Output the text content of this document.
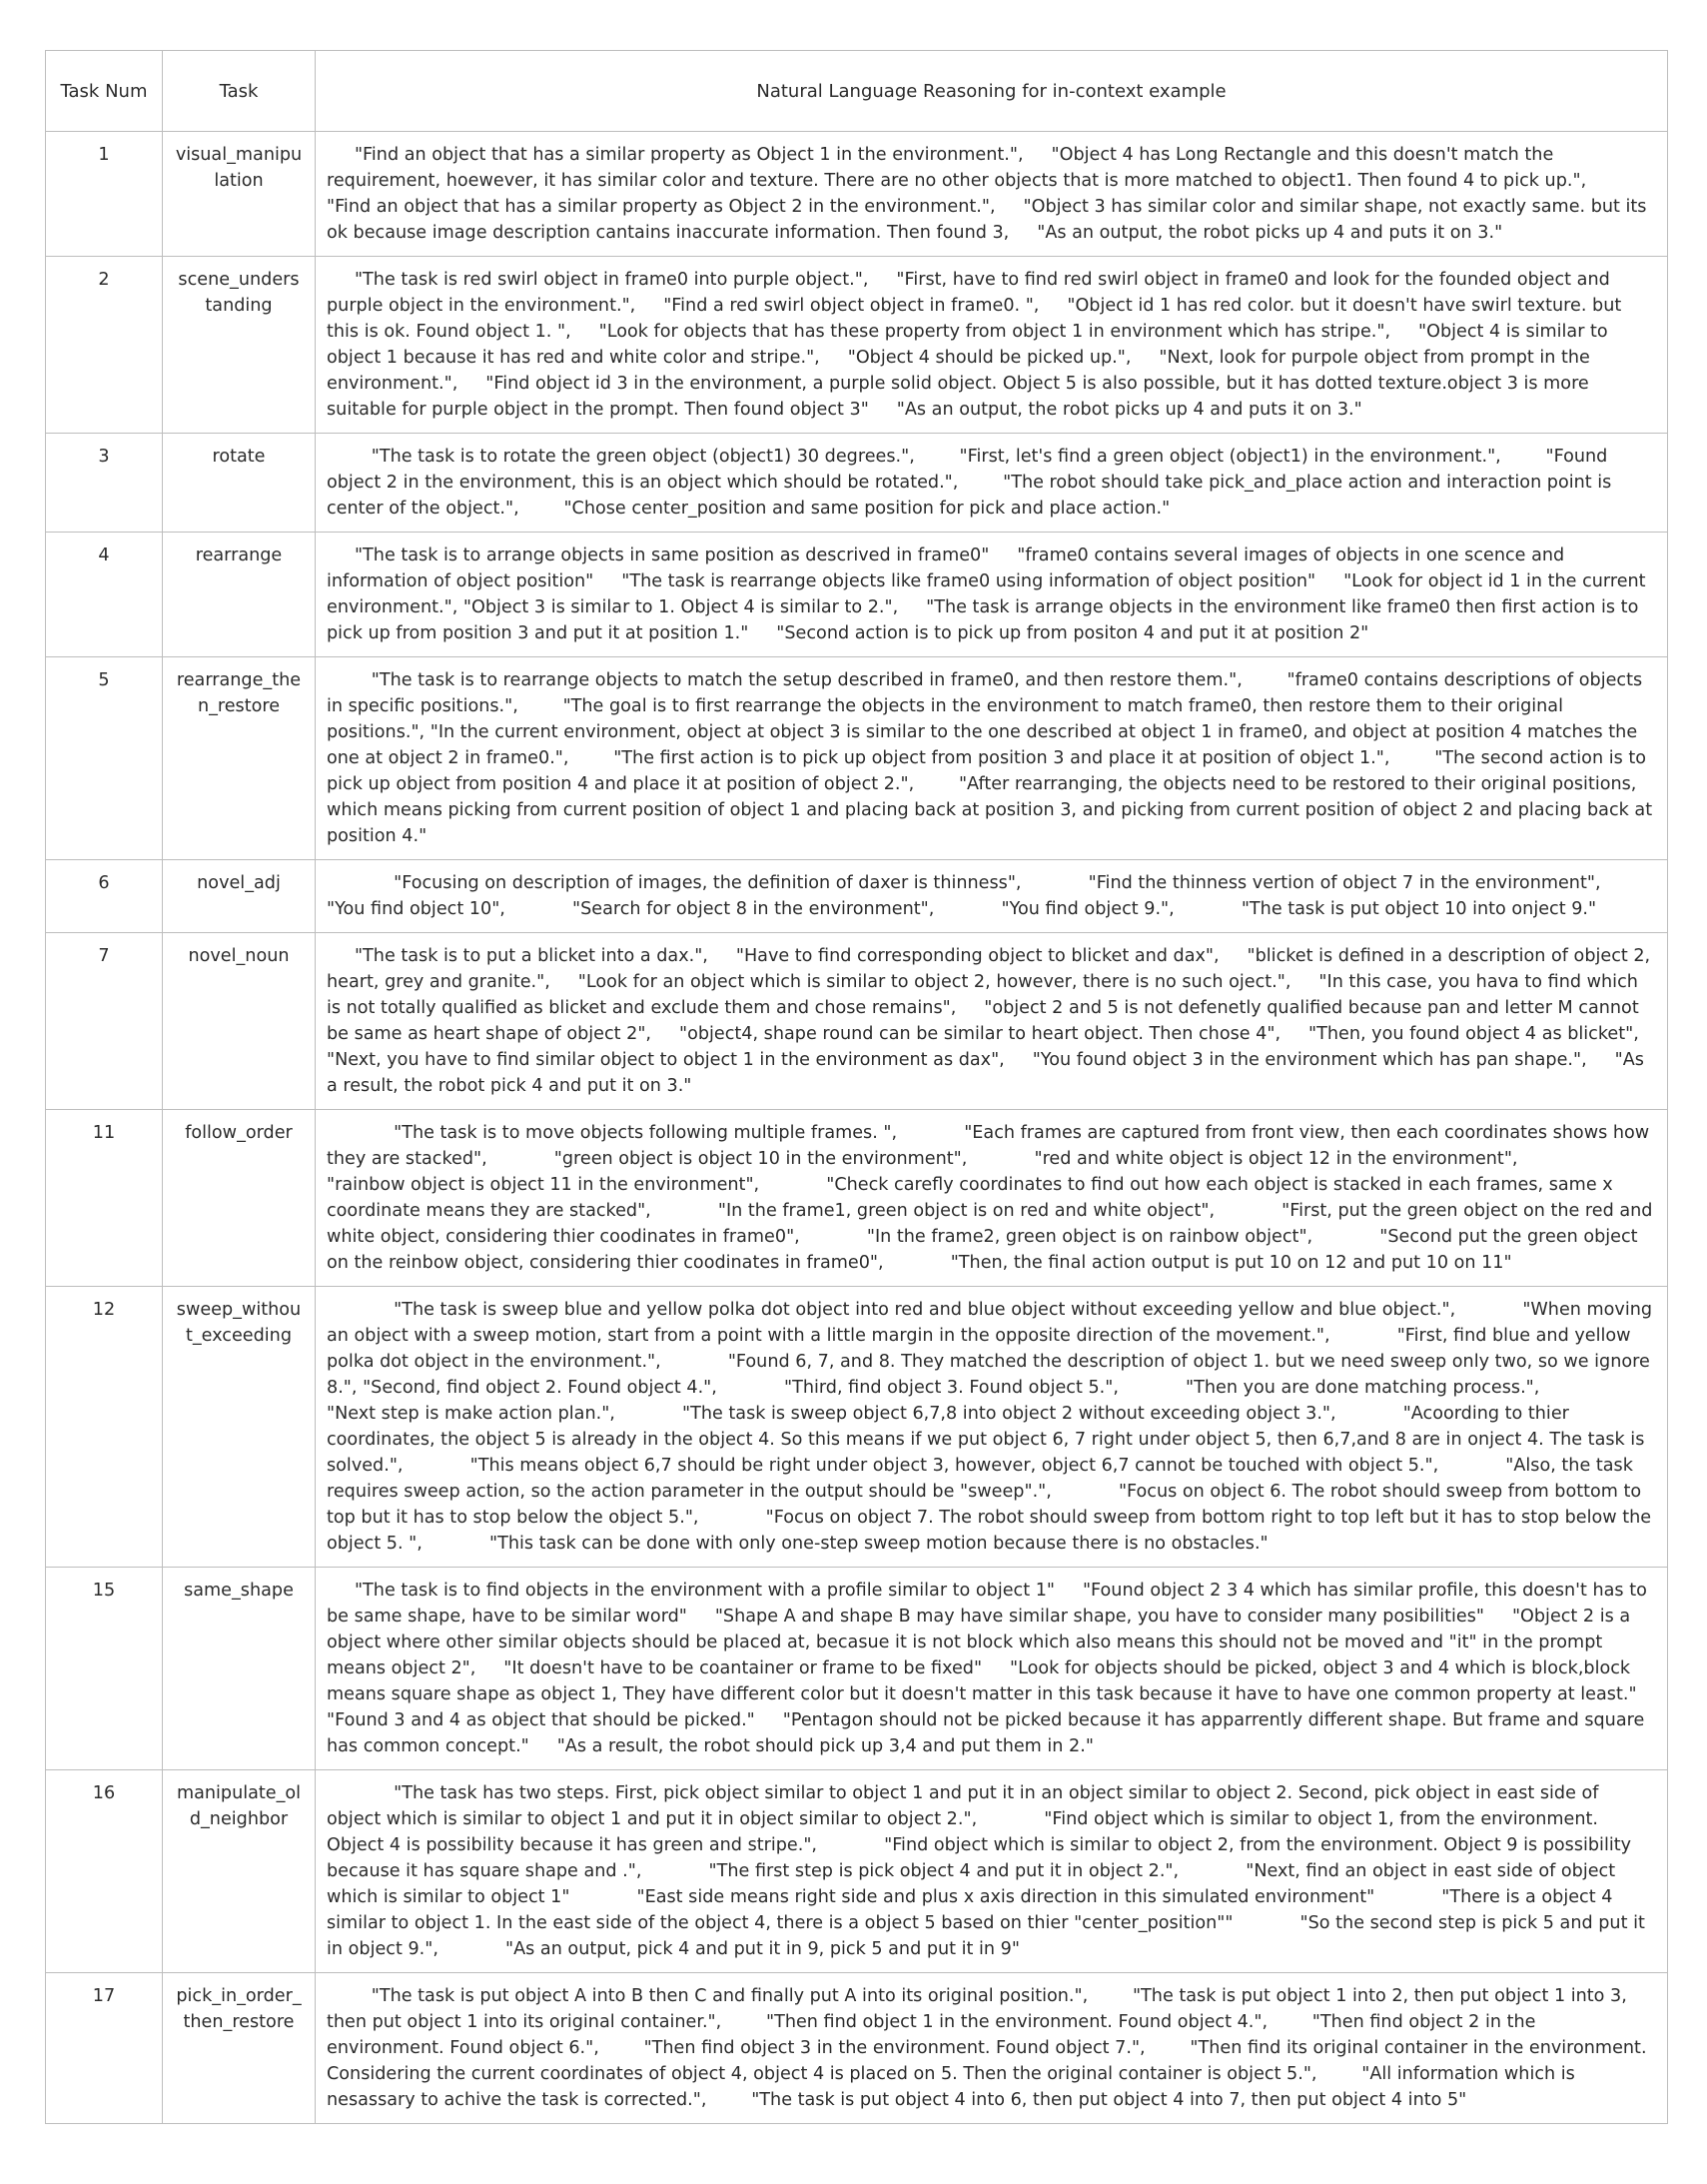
Task Num	Task	Natural Language Reasoning for in-context example
1	visual_manipulation	"Find an object that has a similar property as Object 1 in the environment.",     "Object 4 has Long Rectangle and this doesn't match the requirement, hoewever, it has similar color and texture. There are no other objects that is more matched to object1. Then found 4 to pick up.",     "Find an object that has a similar property as Object 2 in the environment.",     "Object 3 has similar color and similar shape, not exactly same. but its ok because image description cantains inaccurate information. Then found 3,     "As an output, the robot picks up 4 and puts it on 3."
2	scene_understanding	"The task is red swirl object in frame0 into purple object.",     "First, have to find red swirl object in frame0 and look for the founded object and purple object in the environment.",     "Find a red swirl object object in frame0. ",     "Object id 1 has red color. but it doesn't have swirl texture. but this is ok. Found object 1. ",     "Look for objects that has these property from object 1 in environment which has stripe.",     "Object 4 is similar to object 1 because it has red and white color and stripe.",     "Object 4 should be picked up.",     "Next, look for purpole object from prompt in the environment.",     "Find object id 3 in the environment, a purple solid object. Object 5 is also possible, but it has dotted texture.object 3 is more suitable for purple object in the prompt. Then found object 3"     "As an output, the robot picks up 4 and puts it on 3."
3	rotate	"The task is to rotate the green object (object1) 30 degrees.",        "First, let's find a green object (object1) in the environment.",        "Found object 2 in the environment, this is an object which should be rotated.",        "The robot should take pick_and_place action and interaction point is center of the object.",        "Chose center_position and same position for pick and place action."
4	rearrange	"The task is to arrange objects in same position as descrived in frame0"     "frame0 contains several images of objects in one scence and information of object position"     "The task is rearrange objects like frame0 using information of object position"     "Look for object id 1 in the current environment.", "Object 3 is similar to 1. Object 4 is similar to 2.",     "The task is arrange objects in the environment like frame0 then first action is to pick up from position 3 and put it at position 1."     "Second action is to pick up from positon 4 and put it at position 2"
5	rearrange_then_restore	"The task is to rearrange objects to match the setup described in frame0, and then restore them.",        "frame0 contains descriptions of objects in specific positions.",        "The goal is to first rearrange the objects in the environment to match frame0, then restore them to their original positions.", "In the current environment, object at object 3 is similar to the one described at object 1 in frame0, and object at position 4 matches the one at object 2 in frame0.",        "The first action is to pick up object from position 3 and place it at position of object 1.",        "The second action is to pick up object from position 4 and place it at position of object 2.",        "After rearranging, the objects need to be restored to their original positions, which means picking from current position of object 1 and placing back at position 3, and picking from current position of object 2 and placing back at position 4."
6	novel_adj	"Focusing on description of images, the definition of daxer is thinness",            "Find the thinness vertion of object 7 in the environment",            "You find object 10",            "Search for object 8 in the environment",            "You find object 9.",            "The task is put object 10 into onject 9."
7	novel_noun	"The task is to put a blicket into a dax.",     "Have to find corresponding object to blicket and dax",     "blicket is defined in a description of object 2, heart, grey and granite.",     "Look for an object which is similar to object 2, however, there is no such oject.",     "In this case, you hava to find which is not totally qualified as blicket and exclude them and chose remains",     "object 2 and 5 is not defenetly qualified because pan and letter M cannot be same as heart shape of object 2",     "object4, shape round can be similar to heart object. Then chose 4",     "Then, you found object 4 as blicket",     "Next, you have to find similar object to object 1 in the environment as dax",     "You found object 3 in the environment which has pan shape.",     "As a result, the robot pick 4 and put it on 3."
11	follow_order	"The task is to move objects following multiple frames. ",            "Each frames are captured from front view, then each coordinates shows how they are stacked",            "green object is object 10 in the environment",            "red and white object is object 12 in the environment",            "rainbow object is object 11 in the environment",            "Check carefly coordinates to find out how each object is stacked in each frames, same x coordinate means they are stacked",            "In the frame1, green object is on red and white object",            "First, put the green object on the red and white object, considering thier coodinates in frame0",            "In the frame2, green object is on rainbow object",            "Second put the green object on the reinbow object, considering thier coodinates in frame0",            "Then, the final action output is put 10 on 12 and put 10 on 11"
12	sweep_without_exceeding	"The task is sweep blue and yellow polka dot object into red and blue object without exceeding yellow and blue object.",            "When moving an object with a sweep motion, start from a point with a little margin in the opposite direction of the movement.",            "First, find blue and yellow polka dot object in the environment.",            "Found 6, 7, and 8. They matched the description of object 1. but we need sweep only two, so we ignore 8.", "Second, find object 2. Found object 4.",            "Third, find object 3. Found object 5.",            "Then you are done matching process.",            "Next step is make action plan.",            "The task is sweep object 6,7,8 into object 2 without exceeding object 3.",            "Acoording to thier coordinates, the object 5 is already in the object 4. So this means if we put object 6, 7 right under object 5, then 6,7,and 8 are in onject 4. The task is solved.",            "This means object 6,7 should be right under object 3, however, object 6,7 cannot be touched with object 5.",            "Also, the task requires sweep action, so the action parameter in the output should be "sweep".",            "Focus on object 6. The robot should sweep from bottom to top but it has to stop below the object 5.",            "Focus on object 7. The robot should sweep from bottom right to top left but it has to stop below the object 5. ",            "This task can be done with only one-step sweep motion because there is no obstacles."
15	same_shape	"The task is to find objects in the environment with a profile similar to object 1"     "Found object 2 3 4 which has similar profile, this doesn't has to be same shape, have to be similar word"     "Shape A and shape B may have similar shape, you have to consider many posibilities"     "Object 2 is a object where other similar objects should be placed at, becasue it is not block which also means this should not be moved and "it" in the prompt means object 2",     "It doesn't have to be coantainer or frame to be fixed"     "Look for objects should be picked, object 3 and 4 which is block,block means square shape as object 1, They have different color but it doesn't matter in this task because it have to have one common property at least."     "Found 3 and 4 as object that should be picked."     "Pentagon should not be picked because it has apparrently different shape. But frame and square has common concept."     "As a result, the robot should pick up 3,4 and put them in 2."
16	manipulate_old_neighbor	"The task has two steps. First, pick object similar to object 1 and put it in an object similar to object 2. Second, pick object in east side of object which is similar to object 1 and put it in object similar to object 2.",            "Find object which is similar to object 1, from the environment. Object 4 is possibility because it has green and stripe.",            "Find object which is similar to object 2, from the environment. Object 9 is possibility because it has square shape and .",            "The first step is pick object 4 and put it in object 2.",            "Next, find an object in east side of object which is similar to object 1"            "East side means right side and plus x axis direction in this simulated environment"            "There is a object 4 similar to object 1. In the east side of the object 4, there is a object 5 based on thier "center_position""            "So the second step is pick 5 and put it in object 9.",            "As an output, pick 4 and put it in 9, pick 5 and put it in 9"
17	pick_in_order_then_restore	"The task is put object A into B then C and finally put A into its original position.",        "The task is put object 1 into 2, then put object 1 into 3, then put object 1 into its original container.",        "Then find object 1 in the environment. Found object 4.",        "Then find object 2 in the environment. Found object 6.",        "Then find object 3 in the environment. Found object 7.",        "Then find its original container in the environment. Considering the current coordinates of object 4, object 4 is placed on 5. Then the original container is object 5.",        "All information which is nesassary to achive the task is corrected.",        "The task is put object 4 into 6, then put object 4 into 7, then put object 4 into 5"
